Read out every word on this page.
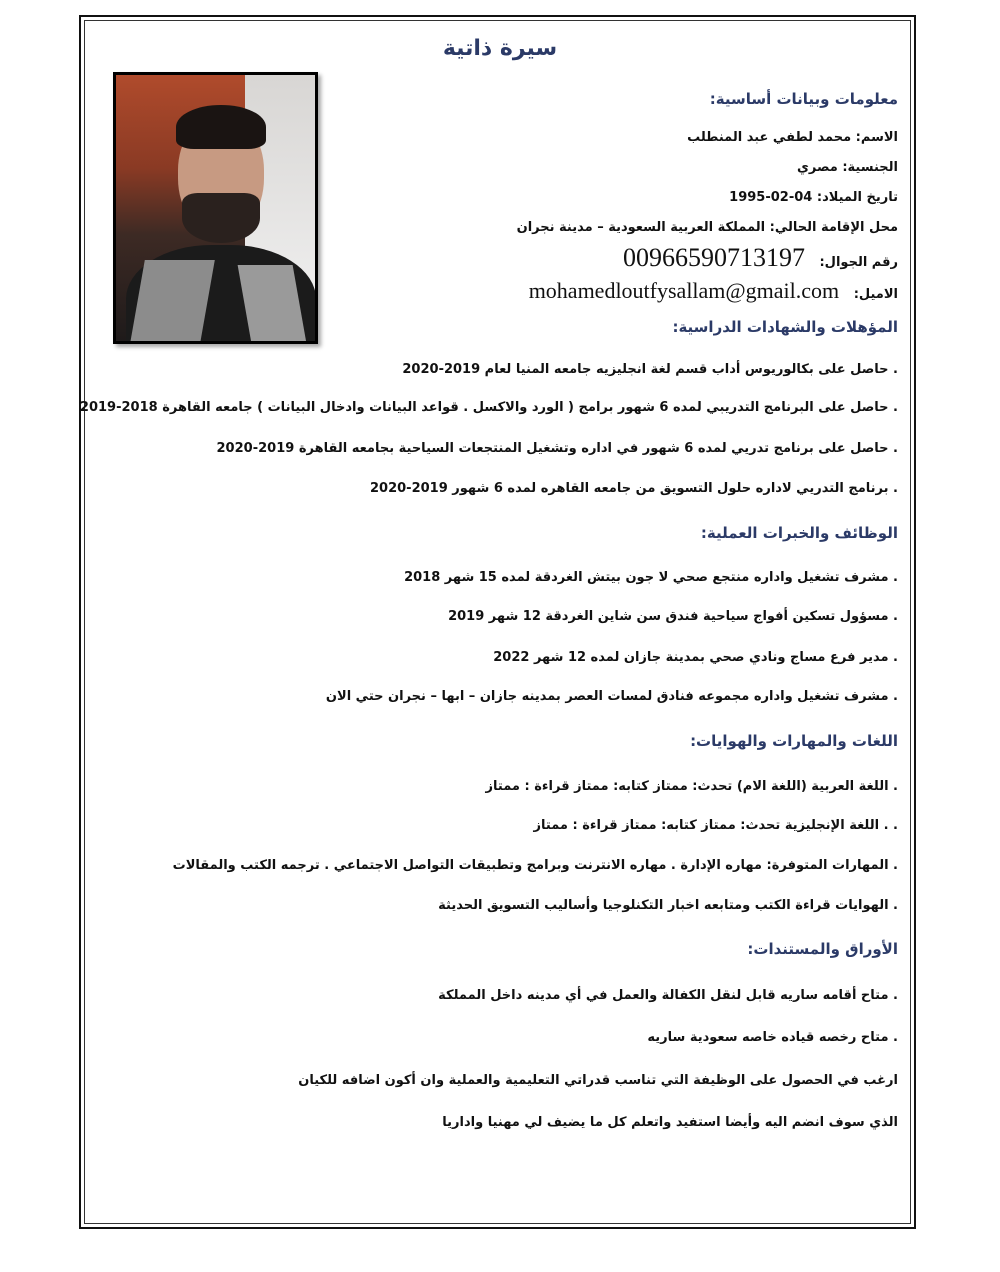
سيرة ذاتية
معلومات وبيانات أساسية:
الاسم: محمد لطفي عبد المنطلب
الجنسية: مصري
تاريخ الميلاد: 04-02-1995
محل الإقامة الحالي: المملكة العربية السعودية – مدينة نجران
رقم الجوال: 00966590713197
الاميل: mohamedloutfysallam@gmail.com
المؤهلات والشهادات الدراسية:
. حاصل على بكالوريوس أداب قسم لغة انجليزيه جامعه المنيا لعام 2019-2020
. حاصل على البرنامج التدريبي لمده 6 شهور برامج ( الورد والاكسل . قواعد البيانات وادخال البيانات ) جامعه القاهرة 2018-2019
. حاصل على برنامج تدريي لمده 6 شهور في اداره وتشغيل المنتجعات السياحية بجامعه القاهرة 2019-2020
. برنامج التدريي لاداره حلول التسويق من جامعه القاهره لمده 6 شهور 2019-2020
الوظائف والخبرات العملية:
. مشرف تشغيل واداره منتجع صحي لا جون بيتش الغردقة لمده 15 شهر 2018
. مسؤول تسكين أفواج سياحية فندق سن شاين الغردقة 12 شهر 2019
. مدير فرع مساج ونادي صحي بمدينة جازان لمده 12 شهر 2022
. مشرف تشغيل واداره مجموعه فنادق لمسات العصر بمدينه جازان – ابها – نجران حتي الان
اللغات والمهارات والهوايات:
. اللغة العربية (اللغة الام) تحدث: ممتاز كتابه: ممتاز قراءة : ممتاز
. . اللغة الإنجليزية تحدث: ممتاز كتابه: ممتاز قراءة : ممتاز
. المهارات المتوفرة: مهاره الإدارة . مهاره الانترنت وبرامج وتطبيقات التواصل الاجتماعي . ترجمه الكتب والمقالات
. الهوايات قراءة الكتب ومتابعه اخبار التكنلوجيا وأساليب التسويق الحديثة
الأوراق والمستندات:
. متاح أقامه ساريه قابل لنقل الكفالة والعمل في أي مدينه داخل المملكة
. متاح رخصه قياده خاصه سعودية ساريه
ارغب في الحصول على الوظيفة التي تناسب قدراتي التعليمية والعملية وان أكون اضافه للكيان
الذي سوف انضم اليه وأيضا استفيد واتعلم كل ما يضيف لي مهنيا واداريا
